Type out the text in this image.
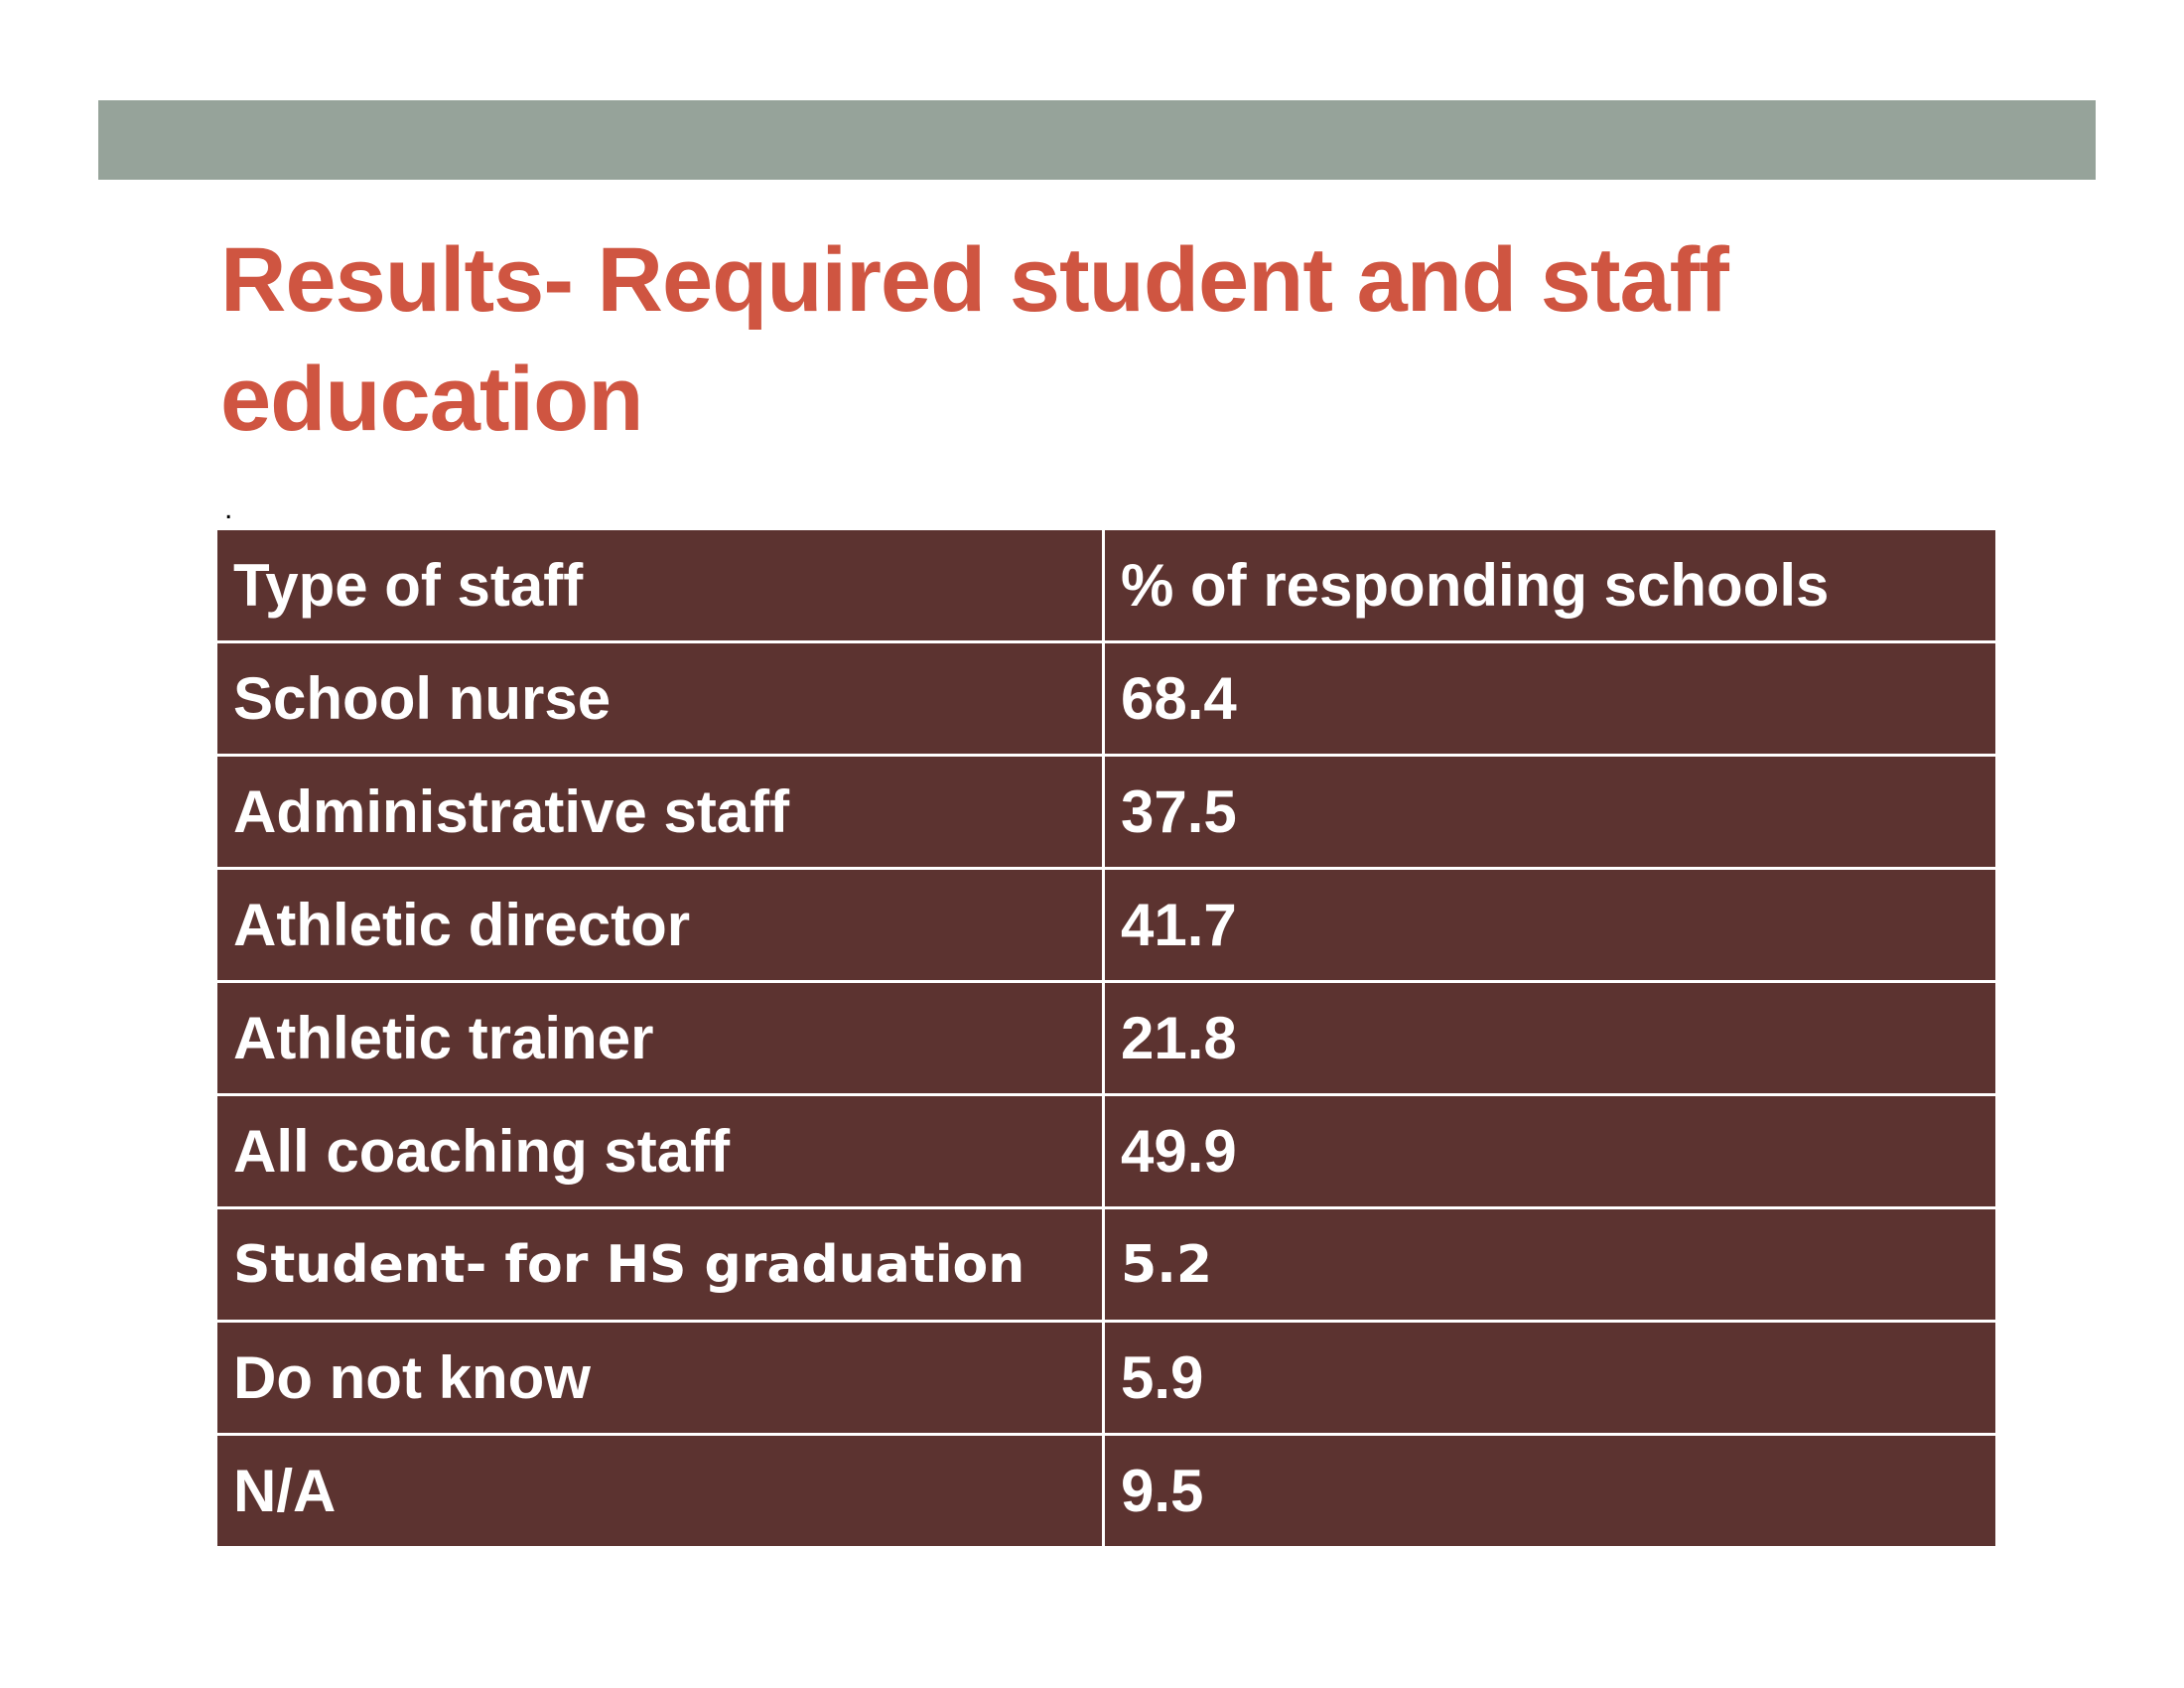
Results- Required student and staff education
.
Type of staff	% of responding schools
School nurse	68.4
Administrative staff	37.5
Athletic director	41.7
Athletic trainer	21.8
All coaching staff	49.9
Student- for HS graduation	5.2
Do not know	5.9
N/A	9.5
